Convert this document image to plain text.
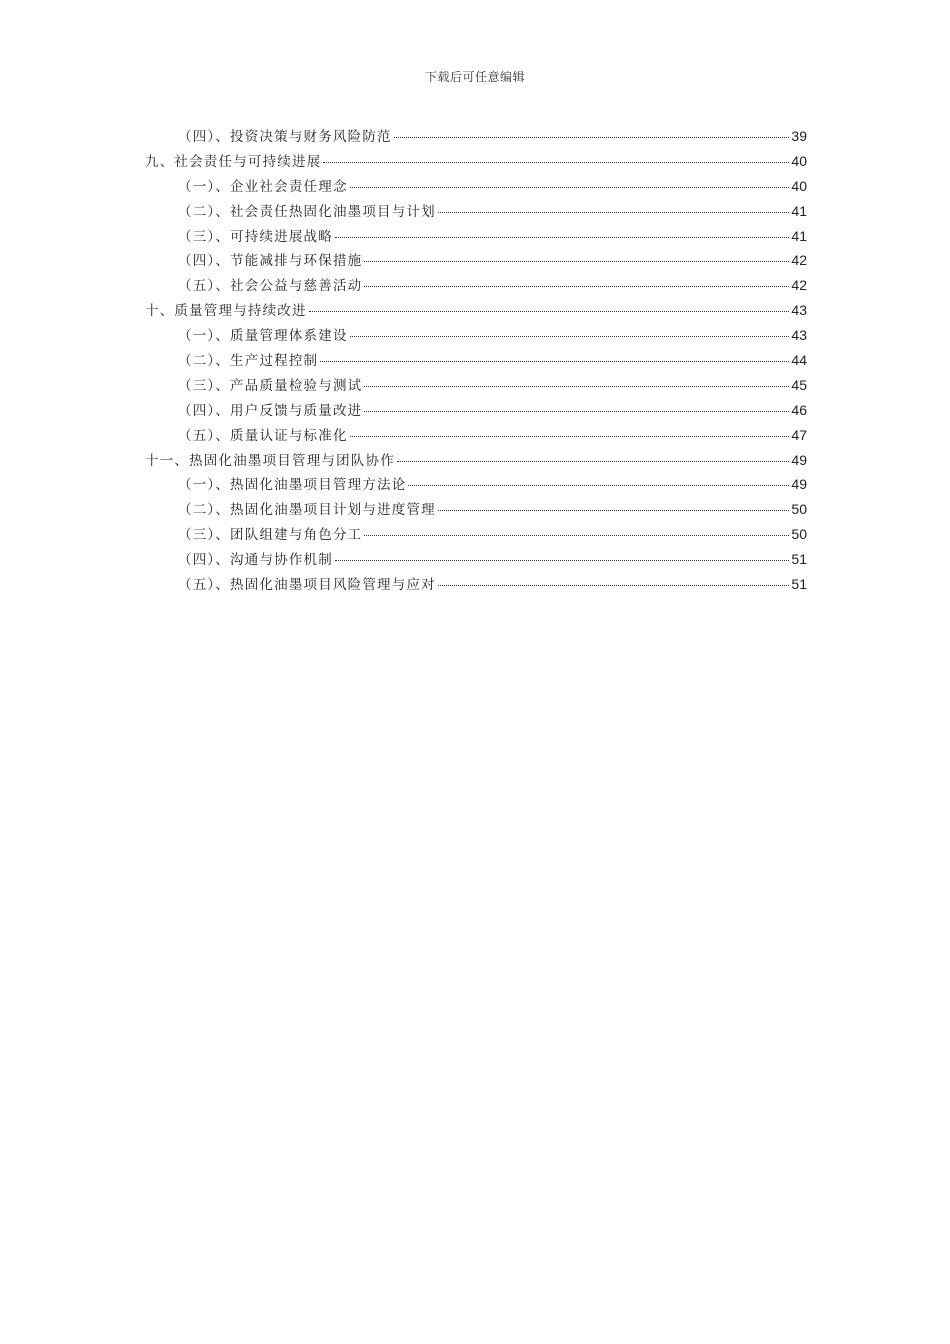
下载后可任意编辑
（四）、投资决策与财务风险防范	39
九、社会责任与可持续进展	40
（一）、企业社会责任理念	40
（二）、社会责任热固化油墨项目与计划	41
（三）、可持续进展战略	41
（四）、节能减排与环保措施	42
（五）、社会公益与慈善活动	42
十、质量管理与持续改进	43
（一）、质量管理体系建设	43
（二）、生产过程控制	44
（三）、产品质量检验与测试	45
（四）、用户反馈与质量改进	46
（五）、质量认证与标准化	47
十一、热固化油墨项目管理与团队协作	49
（一）、热固化油墨项目管理方法论	49
（二）、热固化油墨项目计划与进度管理	50
（三）、团队组建与角色分工	50
（四）、沟通与协作机制	51
（五）、热固化油墨项目风险管理与应对	51
